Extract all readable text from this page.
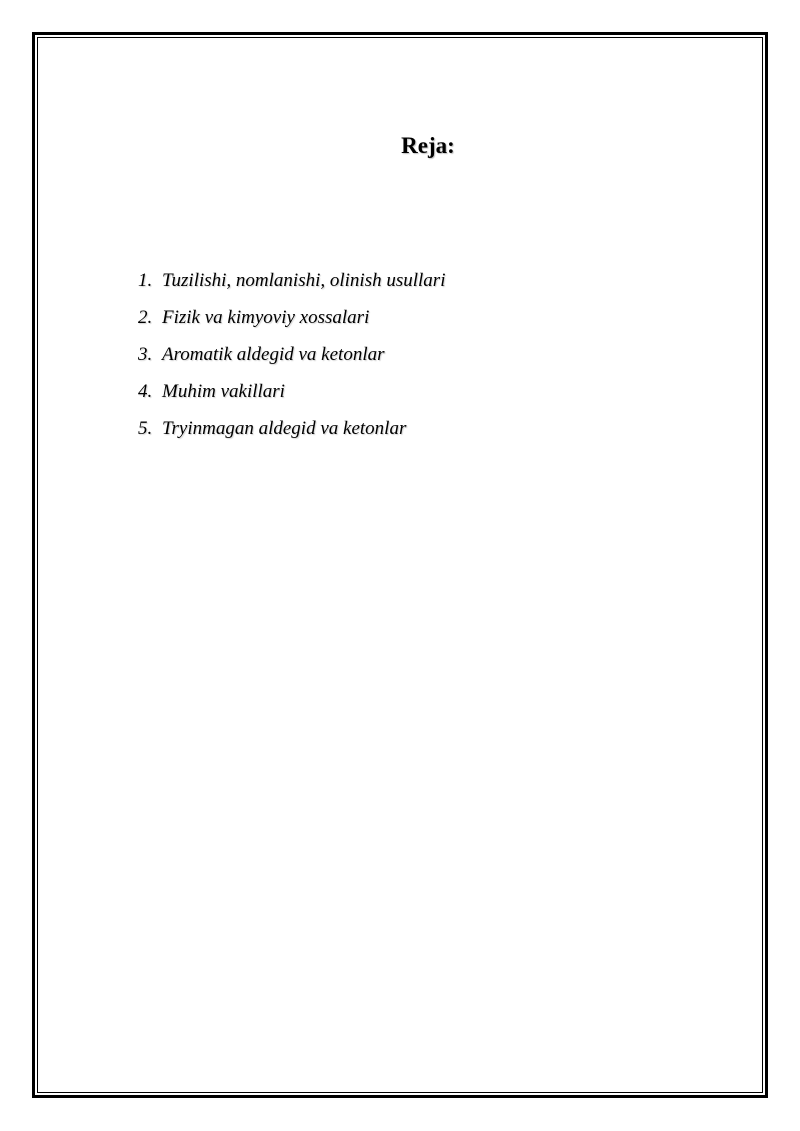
Reja:
1. Tuzilishi, nomlanishi, olinish usullari
2. Fizik va kimyoviy xossalari
3. Aromatik aldegid va ketonlar
4. Muhim vakillari
5. Tryinmagan aldegid va ketonlar
